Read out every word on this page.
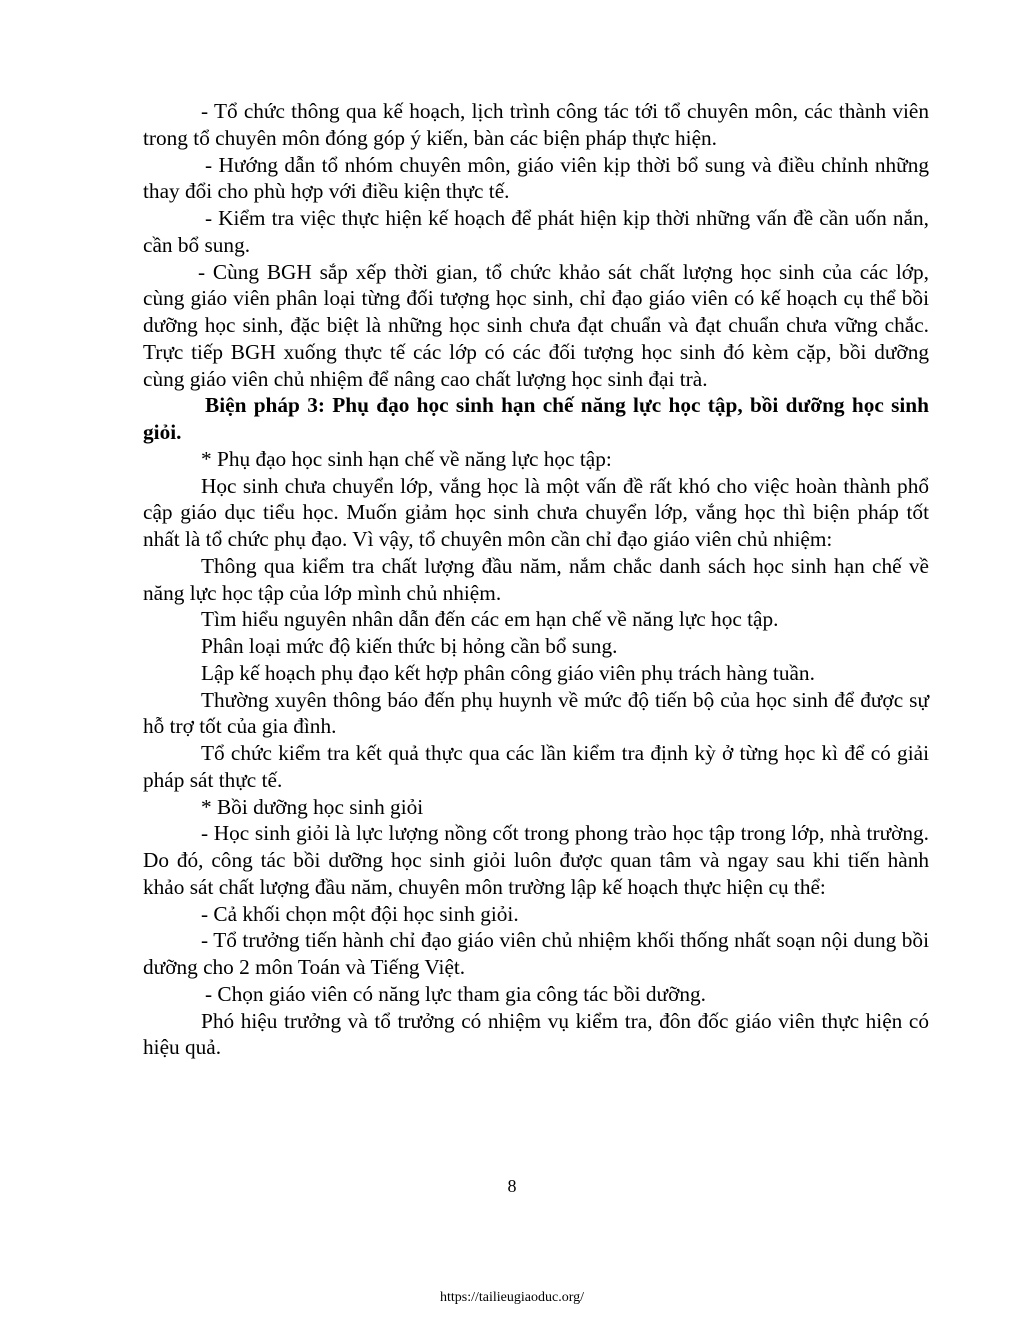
- Tổ chức thông qua kế hoạch, lịch trình công tác tới tổ chuyên môn, các thành viên trong tổ chuyên môn đóng góp ý kiến, bàn các biện pháp thực hiện.

- Hướng dẫn tổ nhóm chuyên môn, giáo viên kịp thời bổ sung và điều chỉnh những thay đổi cho phù hợp với điều kiện thực tế.

- Kiểm tra việc thực hiện kế hoạch để phát hiện kịp thời những vấn đề cần uốn nắn, cần bổ sung.

- Cùng BGH sắp xếp thời gian, tổ chức khảo sát chất lượng học sinh của các lớp, cùng giáo viên phân loại từng đối tượng học sinh, chỉ đạo giáo viên có kế hoạch cụ thể bồi dưỡng học sinh, đặc biệt là những học sinh chưa đạt chuẩn và đạt chuẩn chưa vững chắc. Trực tiếp BGH xuống thực tế các lớp có các đối tượng học sinh đó kèm cặp, bồi dưỡng cùng giáo viên chủ nhiệm để nâng cao chất lượng học sinh đại trà.

Biện pháp 3: Phụ đạo học sinh hạn chế năng lực học tập, bồi dưỡng học sinh giỏi.

* Phụ đạo học sinh hạn chế về năng lực học tập:

Học sinh chưa chuyển lớp, vắng học là một vấn đề rất khó cho việc hoàn thành phổ cập giáo dục tiểu học. Muốn giảm học sinh chưa chuyển lớp, vắng học thì biện pháp tốt nhất là tổ chức phụ đạo. Vì vậy, tổ chuyên môn cần chỉ đạo giáo viên chủ nhiệm:

Thông qua kiểm tra chất lượng đầu năm, nắm chắc danh sách học sinh hạn chế về năng lực học tập của lớp mình chủ nhiệm.

Tìm hiểu nguyên nhân dẫn đến các em hạn chế về năng lực học tập.

Phân loại mức độ kiến thức bị hỏng cần bổ sung.

Lập kế hoạch phụ đạo kết hợp phân công giáo viên phụ trách hàng tuần.

Thường xuyên thông báo đến phụ huynh về mức độ tiến bộ của học sinh để được sự hỗ trợ tốt của gia đình.

Tổ chức kiểm tra kết quả thực qua các lần kiểm tra định kỳ ở từng học kì để có giải pháp sát thực tế.

* Bồi dưỡng học sinh giỏi

- Học sinh giỏi là lực lượng nồng cốt trong phong trào học tập trong lớp, nhà trường. Do đó, công tác bồi dưỡng học sinh giỏi luôn được quan tâm và ngay sau khi tiến hành khảo sát chất lượng đầu năm, chuyên môn trường lập kế hoạch thực hiện cụ thể:

- Cả khối chọn một đội học sinh giỏi.

- Tổ trưởng tiến hành chỉ đạo giáo viên chủ nhiệm khối thống nhất soạn nội dung bồi dưỡng cho 2 môn Toán và Tiếng Việt.

- Chọn giáo viên có năng lực tham gia công tác bồi dưỡng.

Phó hiệu trưởng và tổ trưởng có nhiệm vụ kiểm tra, đôn đốc giáo viên thực hiện có hiệu quả.

8
https://tailieugiaoduc.org/
